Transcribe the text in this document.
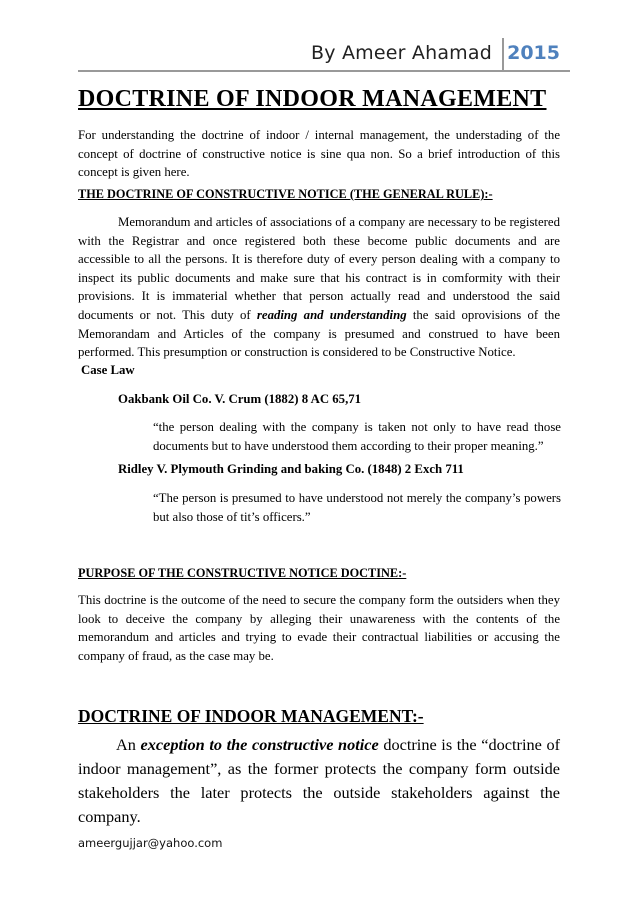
By Ameer Ahamad 2015
DOCTRINE OF INDOOR MANAGEMENT
For understanding the doctrine of indoor / internal management, the understading of the concept of doctrine of constructive notice is sine qua non. So a brief introduction of this concept is given here.
THE DOCTRINE OF CONSTRUCTIVE NOTICE (THE GENERAL RULE):-
Memorandum and articles of associations of a company are necessary to be registered with the Registrar and once registered both these become public documents and are accessible to all the persons. It is therefore duty of every person dealing with a company to inspect its public documents and make sure that his contract is in comformity with their provisions. It is immaterial whether that person actually read and understood the said documents or not. This duty of reading and understanding the said oprovisions of the Memorandam and Articles of the company is presumed and construed to have been performed. This presumption or construction is considered to be Constructive Notice.
Case Law
Oakbank Oil Co. V. Crum (1882) 8 AC 65,71
“the person dealing with the company is taken not only to have read those documents but to have understood them according to their proper meaning.”
Ridley V. Plymouth Grinding and baking Co. (1848) 2 Exch 711
“The person is presumed to have understood not merely the company’s powers but also those of tit’s officers.”
PURPOSE OF THE CONSTRUCTIVE NOTICE DOCTINE:-
This doctrine is the outcome of the need to secure the company form the outsiders when they look to deceive the company by alleging their unawareness with the contents of the memorandum and articles and trying to evade their contractual liabilities or accusing the company of fraud, as the case may be.
DOCTRINE OF INDOOR MANAGEMENT:-
An exception to the constructive notice doctrine is the “doctrine of indoor management”, as the former protects the company form outside stakeholders the later protects the outside stakeholders against the company.
ameergujjar@yahoo.com
